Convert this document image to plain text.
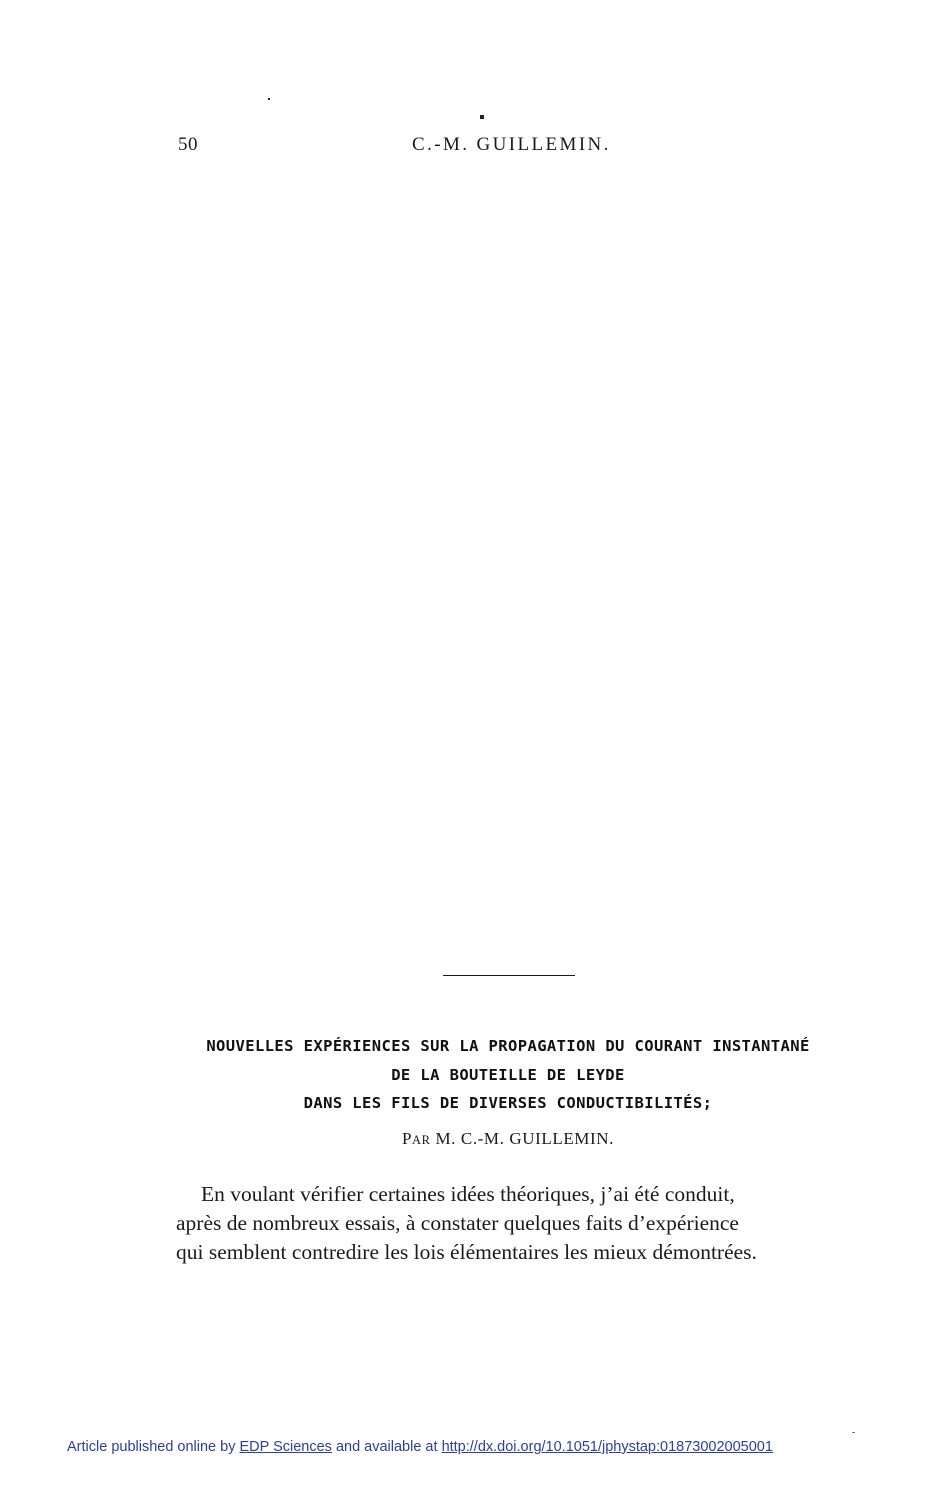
50	C.-M. GUILLEMIN.
NOUVELLES EXPÉRIENCES SUR LA PROPAGATION DU COURANT INSTANTANÉ
DE LA BOUTEILLE DE LEYDE
DANS LES FILS DE DIVERSES CONDUCTIBILITÉS;
PAR M. C.-M. GUILLEMIN.
En voulant vérifier certaines idées théoriques, j’ai été conduit,
après de nombreux essais, à constater quelques faits d’expérience
qui semblent contredire les lois élémentaires les mieux démontrées.
Article published online by EDP Sciences and available at http://dx.doi.org/10.1051/jphystap:01873002005001
